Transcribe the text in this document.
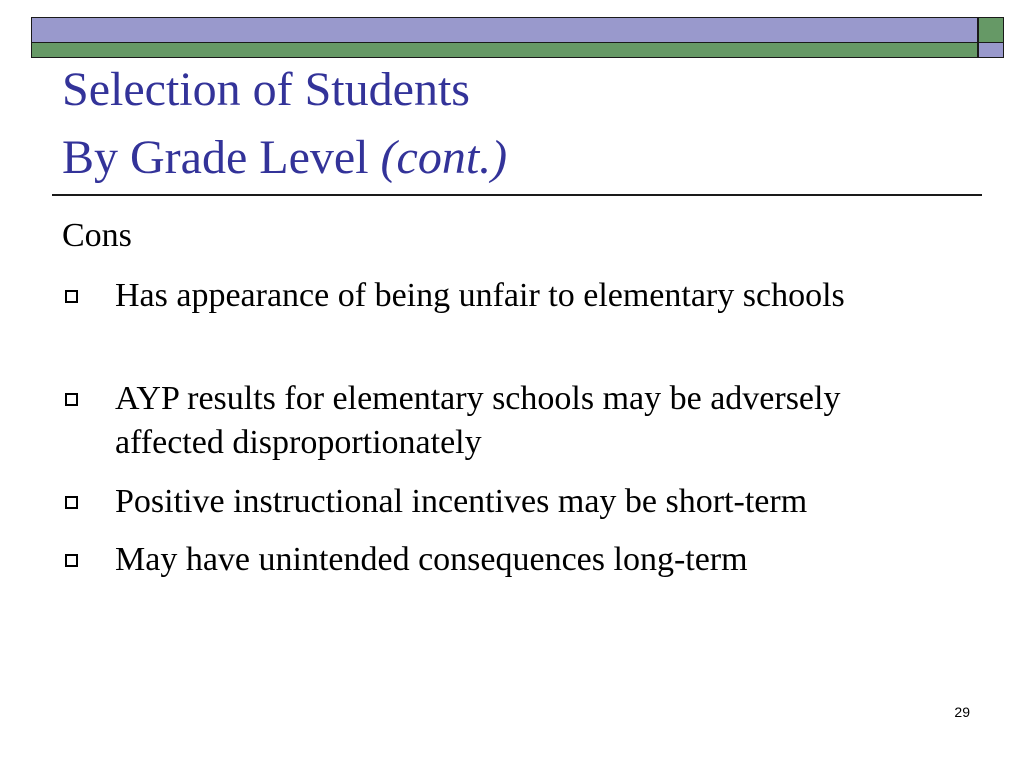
Selection of Students
By Grade Level (cont.)
Cons
Has appearance of being unfair to elementary schools
AYP results for elementary schools may be adversely affected disproportionately
Positive instructional incentives may be short-term
May have unintended consequences long-term
29
